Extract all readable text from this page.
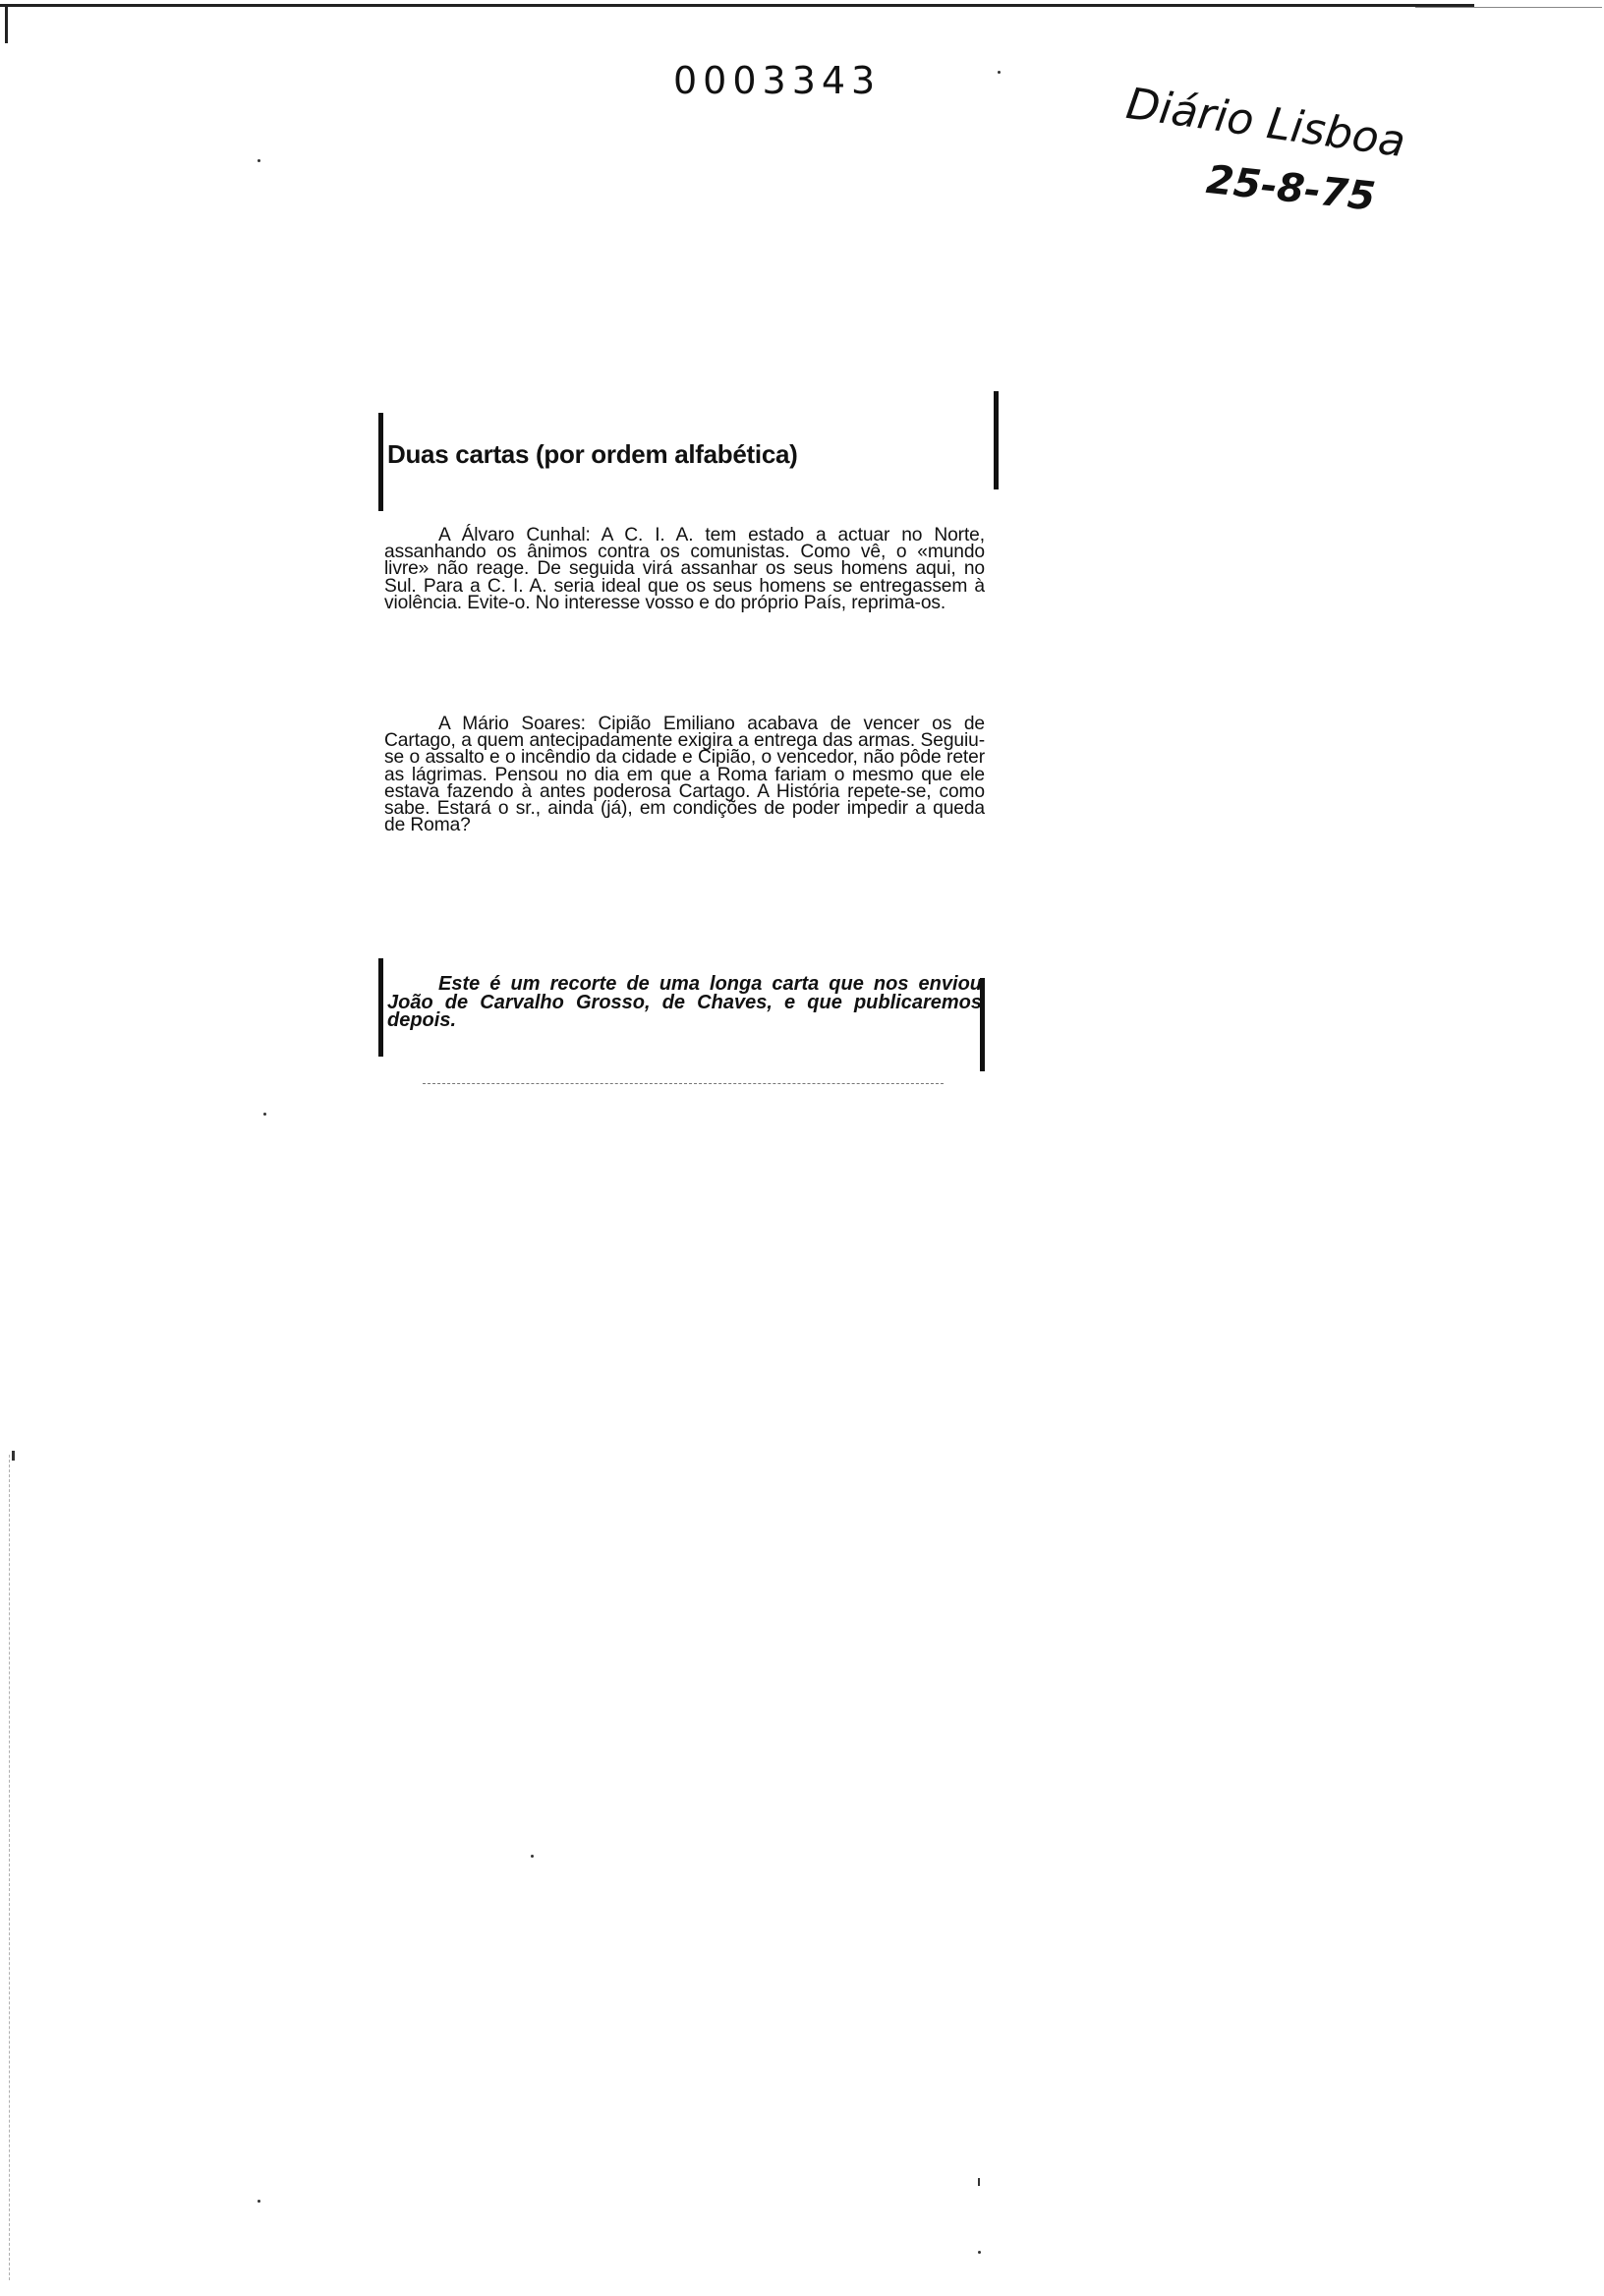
0003343	Diário Lisboa
25-8-75
Duas cartas (por ordem alfabética)

A Álvaro Cunhal: A C. I. A. tem estado a actuar no Norte, assanhando os ânimos contra os comunistas. Como vê, o «mundo livre» não reage. De seguida virá assanhar os seus homens aqui, no Sul. Para a C. I. A. seria ideal que os seus homens se entregassem à violência. Evite-o. No interesse vosso e do próprio País, reprima-os.

A Mário Soares: Cipião Emiliano acabava de vencer os de Cartago, a quem antecipadamente exigira a entrega das armas. Seguiu-se o assalto e o incêndio da cidade e Cipião, o vencedor, não pôde reter as lágrimas. Pensou no dia em que a Roma fariam o mesmo que ele estava fazendo à antes poderosa Cartago. A História repete-se, como sabe. Estará o sr., ainda (já), em condições de poder impedir a queda de Roma?

Este é um recorte de uma longa carta que nos enviou João de Carvalho Grosso, de Chaves, e que publicaremos depois.
